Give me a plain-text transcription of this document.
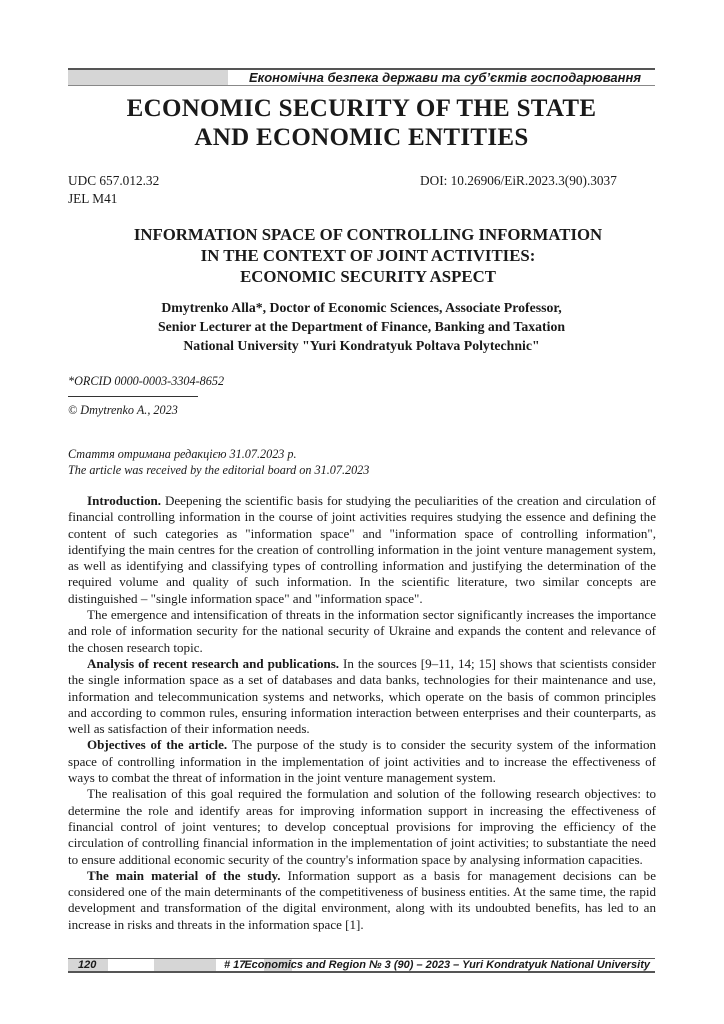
Економічна безпека держави та суб’єктів господарювання
ECONOMIC SECURITY OF THE STATE
AND ECONOMIC ENTITIES
UDC 657.012.32
JEL M41
DOI: 10.26906/EiR.2023.3(90).3037
INFORMATION SPACE OF CONTROLLING INFORMATION
IN THE CONTEXT OF JOINT ACTIVITIES:
ECONOMIC SECURITY ASPECT
Dmytrenko Alla*, Doctor of Economic Sciences, Associate Professor,
Senior Lecturer at the Department of Finance, Banking and Taxation
National University "Yuri Kondratyuk Poltava Polytechnic"
*ORCID 0000-0003-3304-8652
© Dmytrenko A., 2023
Стаття отримана редакцією 31.07.2023 р.
The article was received by the editorial board on 31.07.2023

Introduction. Deepening the scientific basis for studying the peculiarities of the creation and circulation of financial controlling information in the course of joint activities requires studying the essence and defining the content of such categories as "information space" and "information space of controlling information", identifying the main centres for the creation of controlling information in the joint venture management system, as well as identifying and classifying types of controlling information and justifying the determination of the required volume and quality of such information. In the scientific literature, two similar concepts are distinguished – "single information space" and "information space".

The emergence and intensification of threats in the information sector significantly increases the importance and role of information security for the national security of Ukraine and expands the content and relevance of the chosen research topic.

Analysis of recent research and publications. In the sources [9–11, 14; 15] shows that scientists consider the single information space as a set of databases and data banks, technologies for their maintenance and use, information and telecommunication systems and networks, which operate on the basis of common principles and according to common rules, ensuring information interaction between enterprises and their counterparts, as well as satisfaction of their information needs.

Objectives of the article. The purpose of the study is to consider the security system of the information space of controlling information in the implementation of joint activities and to increase the effectiveness of ways to combat the threat of information in the joint venture management system.

The realisation of this goal required the formulation and solution of the following research objectives: to determine the role and identify areas for improving information support in increasing the effectiveness of financial control of joint ventures; to develop conceptual provisions for improving the efficiency of the circulation of controlling financial information in the implementation of joint activities; to substantiate the need to ensure additional economic security of the country's information space by analysing information capacities.

The main material of the study. Information support as a basis for management decisions can be considered one of the main determinants of the competitiveness of business entities. At the same time, the rapid development and transformation of the digital environment, along with its undoubted benefits, has led to an increase in risks and threats in the information space [1].

120	# 17
Economics and Region № 3 (90) – 2023 – Yuri Kondratyuk National University
